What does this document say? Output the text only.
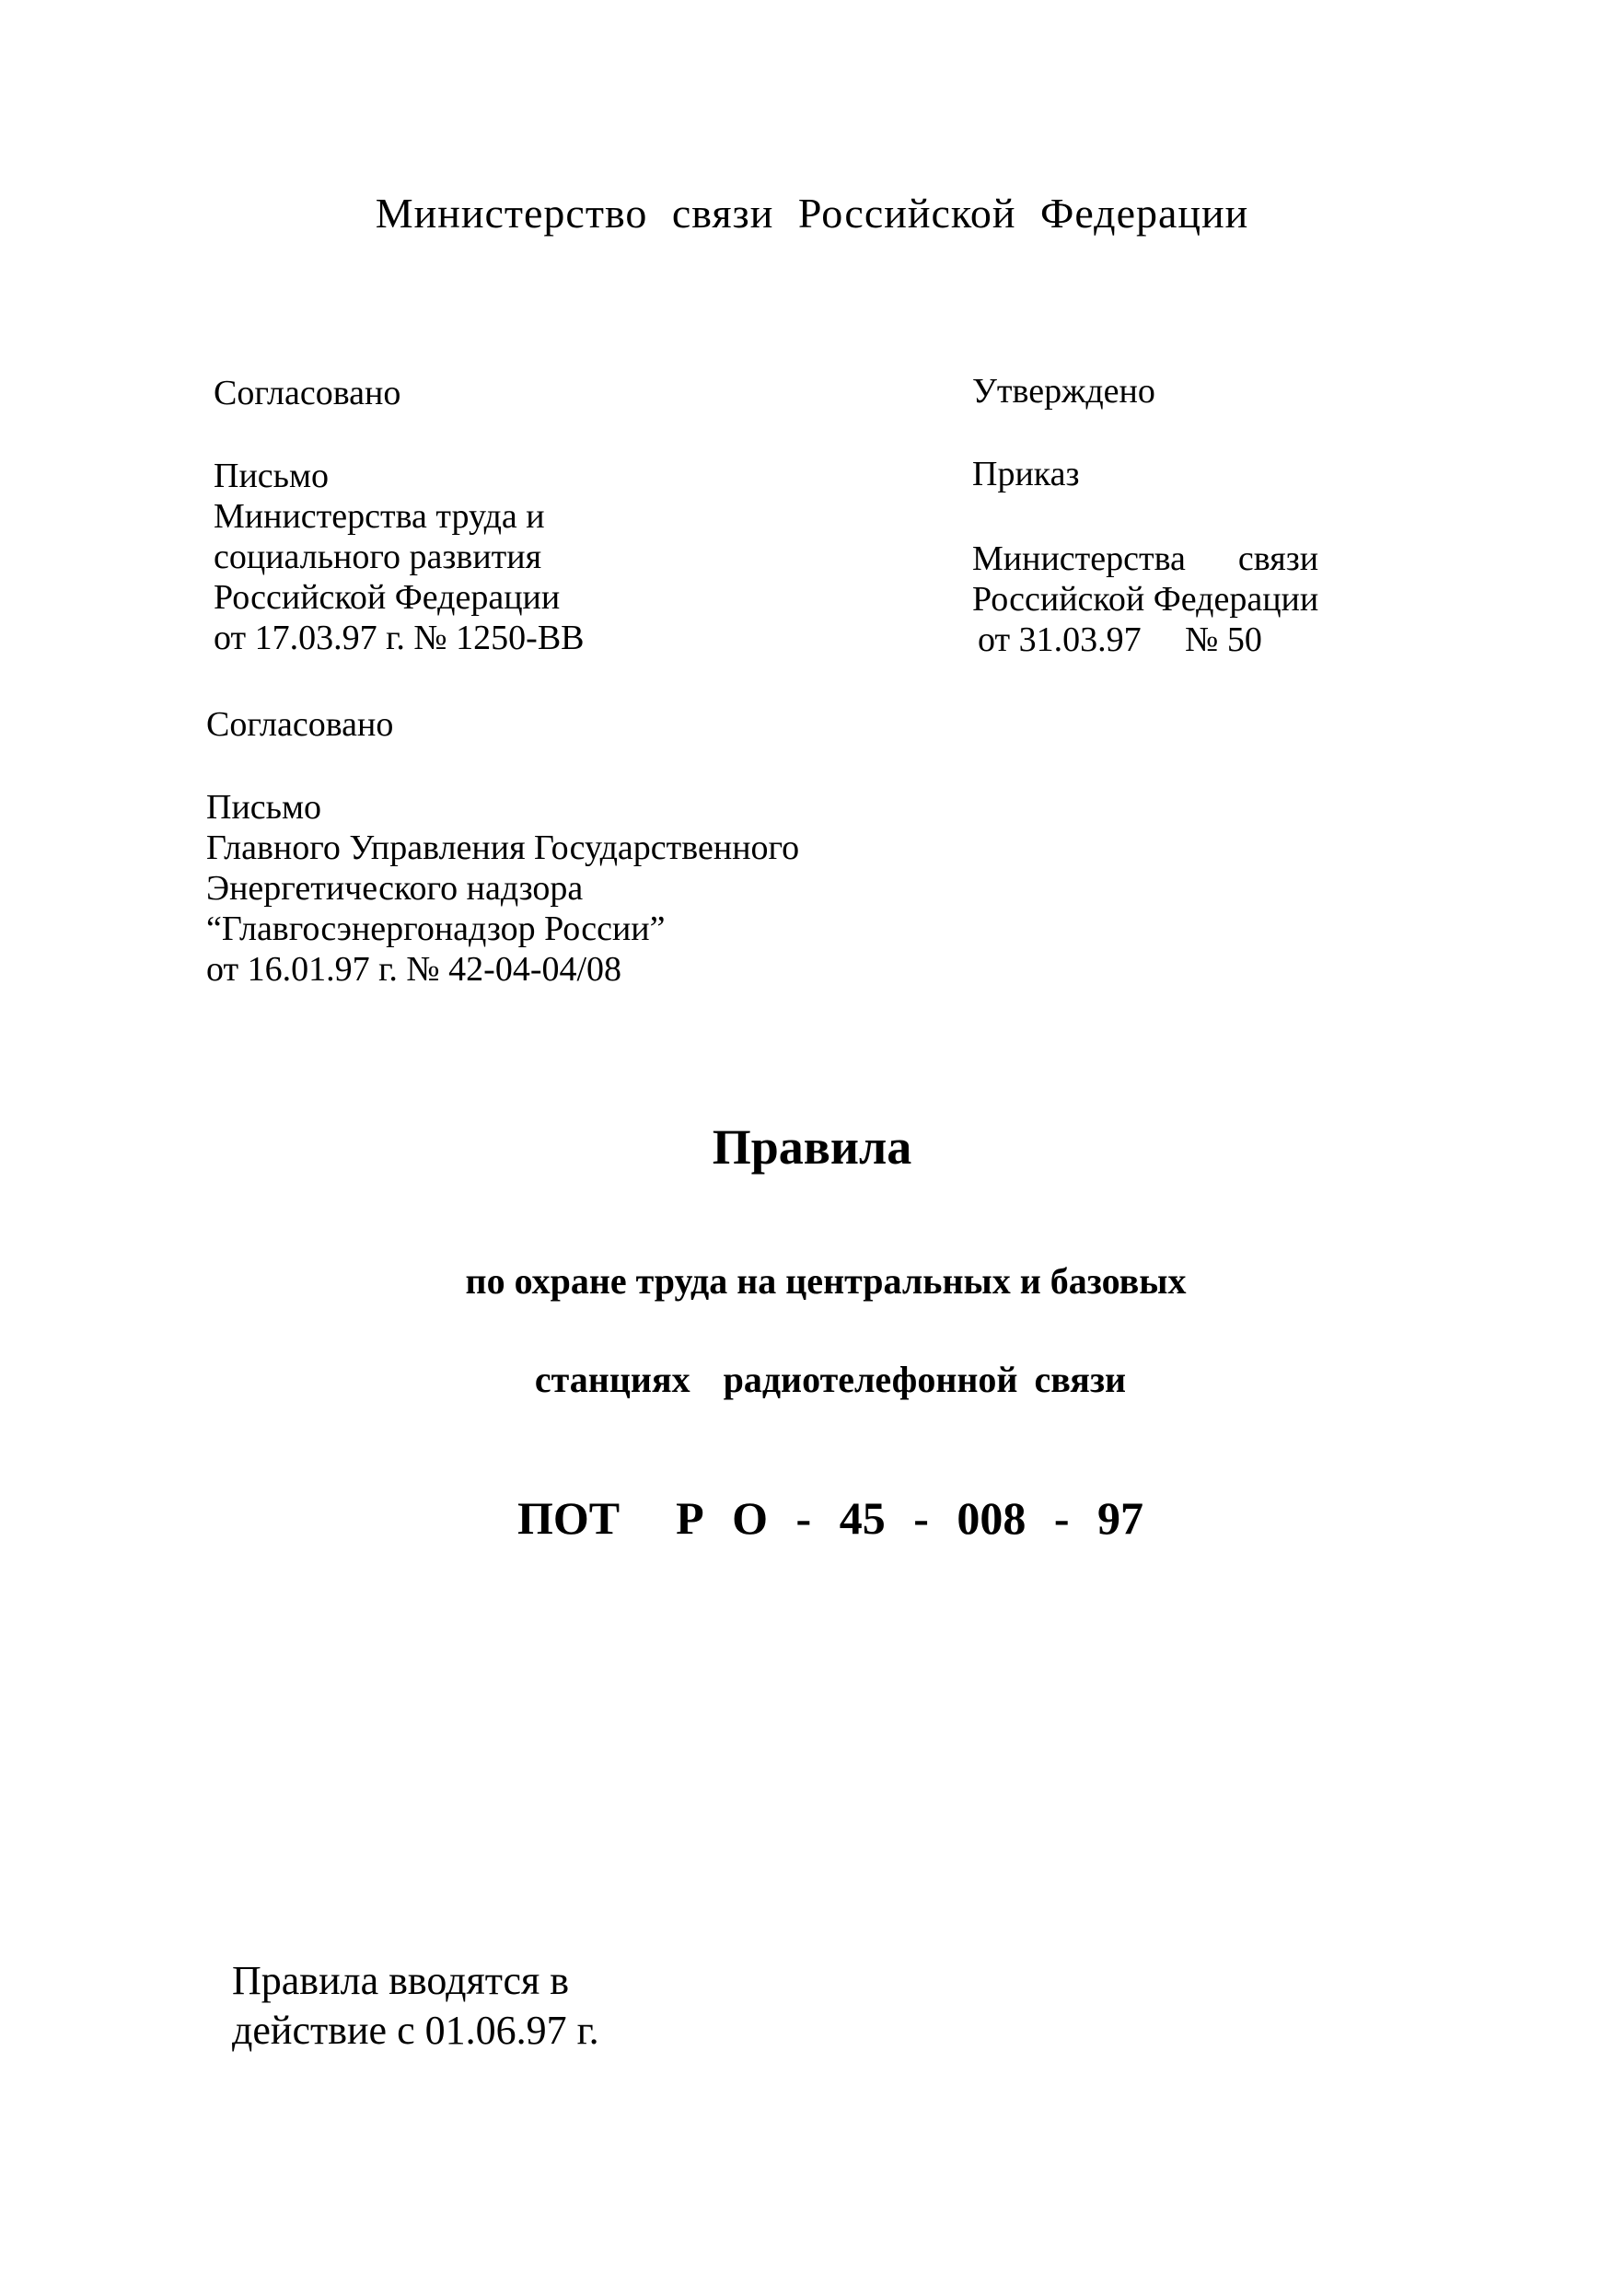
Министерство связи Российской Федерации
Согласовано
Письмо
Министерства труда и
социального развития
Российской Федерации
от 17.03.97 г. № 1250-ВВ
Утверждено
Приказ
Министерства      связи
Российской Федерации
от 31.03.97     № 50
Согласовано
Письмо
Главного Управления Государственного
Энергетического надзора
“Главгосэнергонадзор России”
от 16.01.97 г. № 42-04-04/08
Правила
по охране труда на центральных и базовых
станциях  радиотелефонной связи
ПОТ  Р О - 45 - 008 - 97
Правила вводятся в
действие с 01.06.97 г.
